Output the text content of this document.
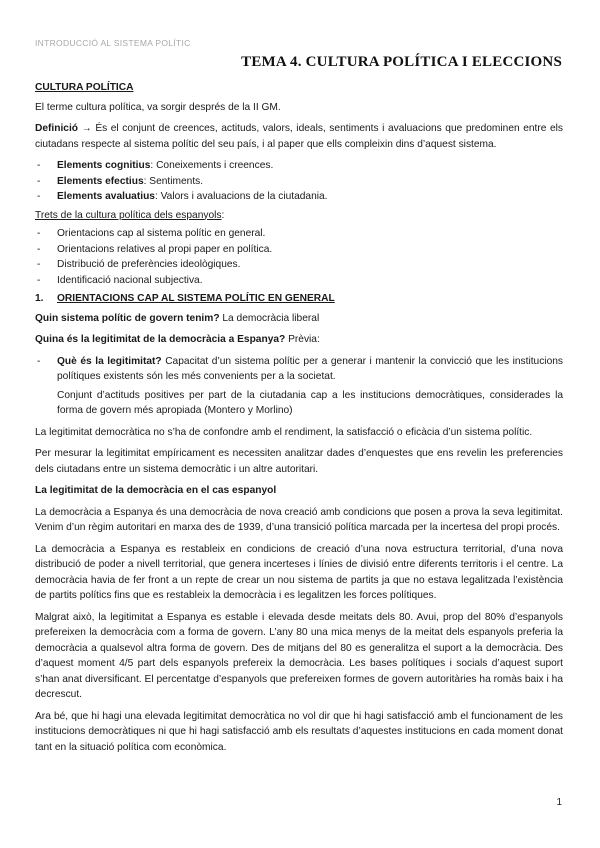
INTRODUCCIÓ AL SISTEMA POLÍTIC
TEMA 4. CULTURA POLÍTICA I ELECCIONS
CULTURA POLÍTICA

El terme cultura política, va sorgir després de la II GM.

Definició → És el conjunt de creences, actituds, valors, ideals, sentiments i avaluacions que predominen entre els ciutadans respecte al sistema polític del seu país, i al paper que ells compleixin dins d’aquest sistema.

- Elements cognitius: Coneixements i creences.
- Elements efectius: Sentiments.
- Elements avaluatius: Valors i avaluacions de la ciutadania.
Trets de la cultura política dels espanyols:
- Orientacions cap al sistema polític en general.
- Orientacions relatives al propi paper en política.
- Distribució de preferències ideològiques.
- Identificació nacional subjectiva.
1. ORIENTACIONS CAP AL SISTEMA POLÍTIC EN GENERAL

Quin sistema polític de govern tenim? La democràcia liberal

Quina és la legitimitat de la democràcia a Espanya? Prèvia:

- Què és la legitimitat? Capacitat d’un sistema polític per a generar i mantenir la convicció que les institucions polítiques existents són les més convenients per a la societat.

Conjunt d’actituds positives per part de la ciutadania cap a les institucions democràtiques, considerades la forma de govern més apropiada (Montero y Morlino)

La legitimitat democràtica no s’ha de confondre amb el rendiment, la satisfacció o eficàcia d’un sistema polític.

Per mesurar la legitimitat empíricament es necessiten analitzar dades d’enquestes que ens revelin les preferencies dels ciutadans entre un sistema democràtic i un altre autoritari.

La legitimitat de la democràcia en el cas espanyol

La democràcia a Espanya és una democràcia de nova creació amb condicions que posen a prova la seva legitimitat. Venim d’un règim autoritari en marxa des de 1939, d’una transició política marcada per la incertesa del propi procés.

La democràcia a Espanya es restableix en condicions de creació d’una nova estructura territorial, d’una nova distribució de poder a nivell territorial, que genera incerteses i línies de divisió entre diferents territoris i el centre. La democràcia havia de fer front a un repte de crear un nou sistema de partits ja que no estava legalitzada l’existència de partits polítics fins que es restableix la democràcia i es legalitzen les forces polítiques.

Malgrat això, la legitimitat a Espanya es estable i elevada desde meitats dels 80. Avui, prop del 80% d’espanyols prefereixen la democràcia com a forma de govern. L’any 80 una mica menys de la meitat dels espanyols preferia la democràcia a qualsevol altra forma de govern. Des de mitjans del 80 es generalitza el suport a la democràcia. Des d’aquest moment 4/5 part dels espanyols prefereix la democràcia. Les bases polítiques i socials d’aquest suport s’han anat diversificant. El percentatge d’espanyols que prefereixen formes de govern autoritàries ha romàs baix i ha decrescut.

Ara bé, que hi hagi una elevada legitimitat democràtica no vol dir que hi hagi satisfacció amb el funcionament de les institucions democràtiques ni que hi hagi satisfacció amb els resultats d’aquestes institucions en cada moment donat tant en la situació política com econòmica.

1
